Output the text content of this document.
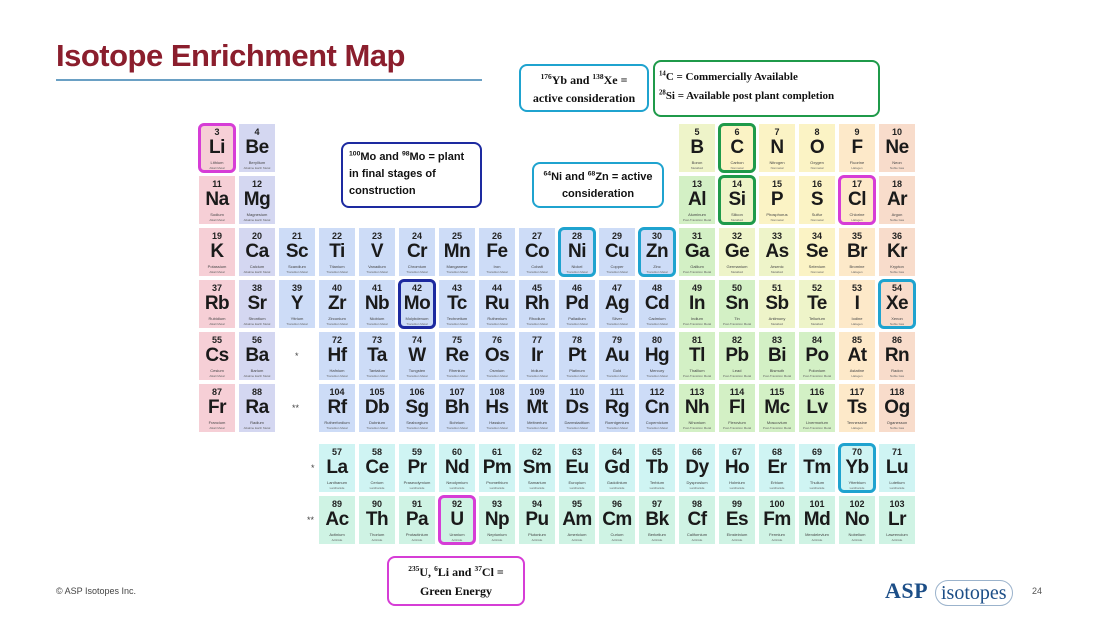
Isotope Enrichment Map
3
Li
Lithium
Alkali Metal
4
Be
Beryllium
Alkaline Earth Metal
5
B
Boron
Metalloid
6
C
Carbon
Nonmetal
7
N
Nitrogen
Nonmetal
8
O
Oxygen
Nonmetal
9
F
Fluorine
Halogen
10
Ne
Neon
Noble Gas
11
Na
Sodium
Alkali Metal
12
Mg
Magnesium
Alkaline Earth Metal
13
Al
Aluminum
Post-Transition Metal
14
Si
Silicon
Metalloid
15
P
Phosphorus
Nonmetal
16
S
Sulfur
Nonmetal
17
Cl
Chlorine
Halogen
18
Ar
Argon
Noble Gas
19
K
Potassium
Alkali Metal
20
Ca
Calcium
Alkaline Earth Metal
21
Sc
Scandium
Transition Metal
22
Ti
Titanium
Transition Metal
23
V
Vanadium
Transition Metal
24
Cr
Chromium
Transition Metal
25
Mn
Manganese
Transition Metal
26
Fe
Iron
Transition Metal
27
Co
Cobalt
Transition Metal
28
Ni
Nickel
Transition Metal
29
Cu
Copper
Transition Metal
30
Zn
Zinc
Transition Metal
31
Ga
Gallium
Post-Transition Metal
32
Ge
Germanium
Metalloid
33
As
Arsenic
Metalloid
34
Se
Selenium
Nonmetal
35
Br
Bromine
Halogen
36
Kr
Krypton
Noble Gas
37
Rb
Rubidium
Alkali Metal
38
Sr
Strontium
Alkaline Earth Metal
39
Y
Yttrium
Transition Metal
40
Zr
Zirconium
Transition Metal
41
Nb
Niobium
Transition Metal
42
Mo
Molybdenum
Transition Metal
43
Tc
Technetium
Transition Metal
44
Ru
Ruthenium
Transition Metal
45
Rh
Rhodium
Transition Metal
46
Pd
Palladium
Transition Metal
47
Ag
Silver
Transition Metal
48
Cd
Cadmium
Transition Metal
49
In
Indium
Post-Transition Metal
50
Sn
Tin
Post-Transition Metal
51
Sb
Antimony
Metalloid
52
Te
Tellurium
Metalloid
53
I
Iodine
Halogen
54
Xe
Xenon
Noble Gas
55
Cs
Cesium
Alkali Metal
56
Ba
Barium
Alkaline Earth Metal
72
Hf
Hafnium
Transition Metal
73
Ta
Tantalum
Transition Metal
74
W
Tungsten
Transition Metal
75
Re
Rhenium
Transition Metal
76
Os
Osmium
Transition Metal
77
Ir
Iridium
Transition Metal
78
Pt
Platinum
Transition Metal
79
Au
Gold
Transition Metal
80
Hg
Mercury
Transition Metal
81
Tl
Thallium
Post-Transition Metal
82
Pb
Lead
Post-Transition Metal
83
Bi
Bismuth
Post-Transition Metal
84
Po
Polonium
Post-Transition Metal
85
At
Astatine
Halogen
86
Rn
Radon
Noble Gas
87
Fr
Francium
Alkali Metal
88
Ra
Radium
Alkaline Earth Metal
104
Rf
Rutherfordium
Transition Metal
105
Db
Dubnium
Transition Metal
106
Sg
Seaborgium
Transition Metal
107
Bh
Bohrium
Transition Metal
108
Hs
Hassium
Transition Metal
109
Mt
Meitnerium
Transition Metal
110
Ds
Darmstadtium
Transition Metal
111
Rg
Roentgenium
Transition Metal
112
Cn
Copernicium
Transition Metal
113
Nh
Nihonium
Post-Transition Metal
114
Fl
Flerovium
Post-Transition Metal
115
Mc
Moscovium
Post-Transition Metal
116
Lv
Livermorium
Post-Transition Metal
117
Ts
Tennessine
Halogen
118
Og
Oganesson
Noble Gas
57
La
Lanthanum
Lanthanide
58
Ce
Cerium
Lanthanide
59
Pr
Praseodymium
Lanthanide
60
Nd
Neodymium
Lanthanide
61
Pm
Promethium
Lanthanide
62
Sm
Samarium
Lanthanide
63
Eu
Europium
Lanthanide
64
Gd
Gadolinium
Lanthanide
65
Tb
Terbium
Lanthanide
66
Dy
Dysprosium
Lanthanide
67
Ho
Holmium
Lanthanide
68
Er
Erbium
Lanthanide
69
Tm
Thulium
Lanthanide
70
Yb
Ytterbium
Lanthanide
71
Lu
Lutetium
Lanthanide
89
Ac
Actinium
Actinide
90
Th
Thorium
Actinide
91
Pa
Protactinium
Actinide
92
U
Uranium
Actinide
93
Np
Neptunium
Actinide
94
Pu
Plutonium
Actinide
95
Am
Americium
Actinide
96
Cm
Curium
Actinide
97
Bk
Berkelium
Actinide
98
Cf
Californium
Actinide
99
Es
Einsteinium
Actinide
100
Fm
Fermium
Actinide
101
Md
Mendelevium
Actinide
102
No
Nobelium
Actinide
103
Lr
Lawrencium
Actinide
*
**
*
**
$^{100}$Mo and $^{98}$Mo = plant
in final stages of
construction
$^{64}$Ni and $^{68}$Zn = active
consideration
$^{176}$Yb and $^{138}$Xe =
active consideration
$^{14}$C = Commercially Available
$^{28}$Si = Available post plant completion
$^{235}$U, $^6$Li and $^{37}$Cl =
Green Energy
© ASP Isotopes Inc.	ASP isotopes	24
